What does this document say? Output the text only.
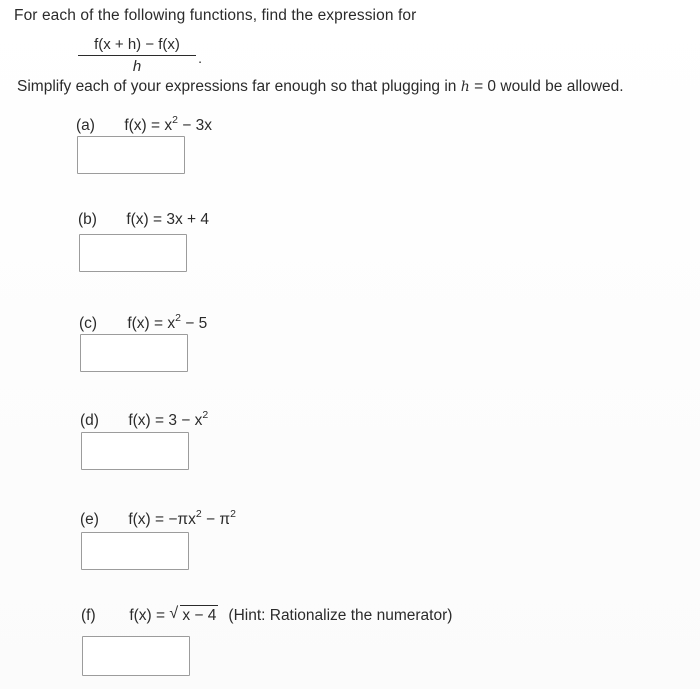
For each of the following functions, find the expression for
f(x + h) − f(x)
h	.
Simplify each of your expressions far enough so that plugging in h = 0 would be allowed.
(a) $f(x) = x^2 - 3x$
(b) f(x) = 3x + 4
(c) $f(x) = x^2 - 5$
(d) $f(x) = 3 - x^2$
(e) $f(x) = -\pi x^2 - \pi^2$
(f) f(x) = √ x − 4 (Hint: Rationalize the numerator)
